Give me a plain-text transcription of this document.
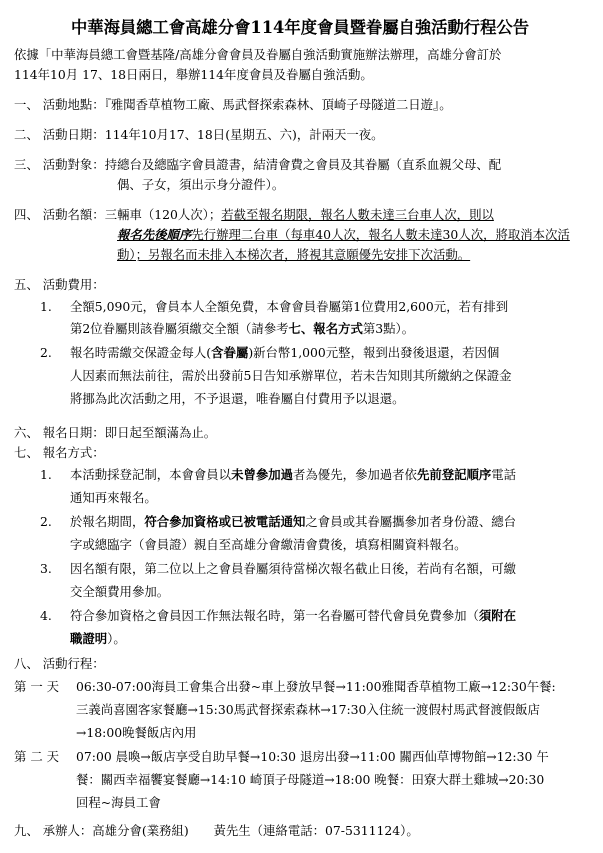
中華海員總工會高雄分會114年度會員暨眷屬自強活動行程公告
依據「中華海員總工會暨基隆/高雄分會會員及眷屬自強活動實施辦法辦理，高雄分會訂於
114年10月 17、18日兩日，舉辦114年度會員及眷屬自強活動。
一、 活動地點：『雅聞香草植物工廠、馬武督探索森林、頂崎子母隧道二日遊』。
二、 活動日期：114年10月17、18日(星期五、六)，計兩天一夜。
三、 活動對象：持總台及總臨字會員證書，結清會費之會員及其眷屬（直系血親父母、配
偶、子女，須出示身分證件）。
四、 活動名額：三輛車（120人次）；若截至報名期限，報名人數未達三台車人次，則以
報名先後順序先行辦理二台車（每車40人次，報名人數未達30人次，將取消本次活
動）；另報名而未排入本梯次者，將視其意願優先安排下次活動。
五、 活動費用：
1. 全額5,090元，會員本人全額免費，本會會員眷屬第1位費用2,600元，若有排到
第2位眷屬則該眷屬須繳交全額（請參考七、報名方式第3點）。
2. 報名時需繳交保證金每人(含眷屬)新台幣1,000元整，報到出發後退還，若因個
人因素而無法前往，需於出發前5日告知承辦單位，若未告知則其所繳納之保證金
將挪為此次活動之用，不予退還，唯眷屬自付費用予以退還。
六、 報名日期：即日起至額滿為止。
七、 報名方式：
1. 本活動採登記制，本會會員以未曾參加過者為優先，參加過者依先前登記順序電話
通知再來報名。
2. 於報名期間，符合參加資格或已被電話通知之會員或其眷屬攜參加者身份證、總台
字或總臨字（會員證）親自至高雄分會繳清會費後，填寫相關資料報名。
3. 因名額有限，第二位以上之會員眷屬須待當梯次報名截止日後，若尚有名額，可繳
交全額費用參加。
4. 符合參加資格之會員因工作無法報名時，第一名眷屬可替代會員免費參加（須附在
職證明）。
八、 活動行程：
第 一 天 06:30-07:00海員工會集合出發~車上發放早餐→11:00雅聞香草植物工廠→12:30午餐:
三義尚喜園客家餐廳→15:30馬武督探索森林→17:30入住統一渡假村馬武督渡假飯店
→18:00晚餐飯店內用
第 二 天 07:00 晨喚→飯店享受自助早餐→10:30 退房出發→11:00 關西仙草博物館→12:30 午
餐：關西幸福饗宴餐廳→14:10 崎頂子母隧道→18:00 晚餐：田寮大群土雞城→20:30
回程~海員工會
九、 承辦人：高雄分會(業務組)　　黃先生（連絡電話：07-5311124）。
